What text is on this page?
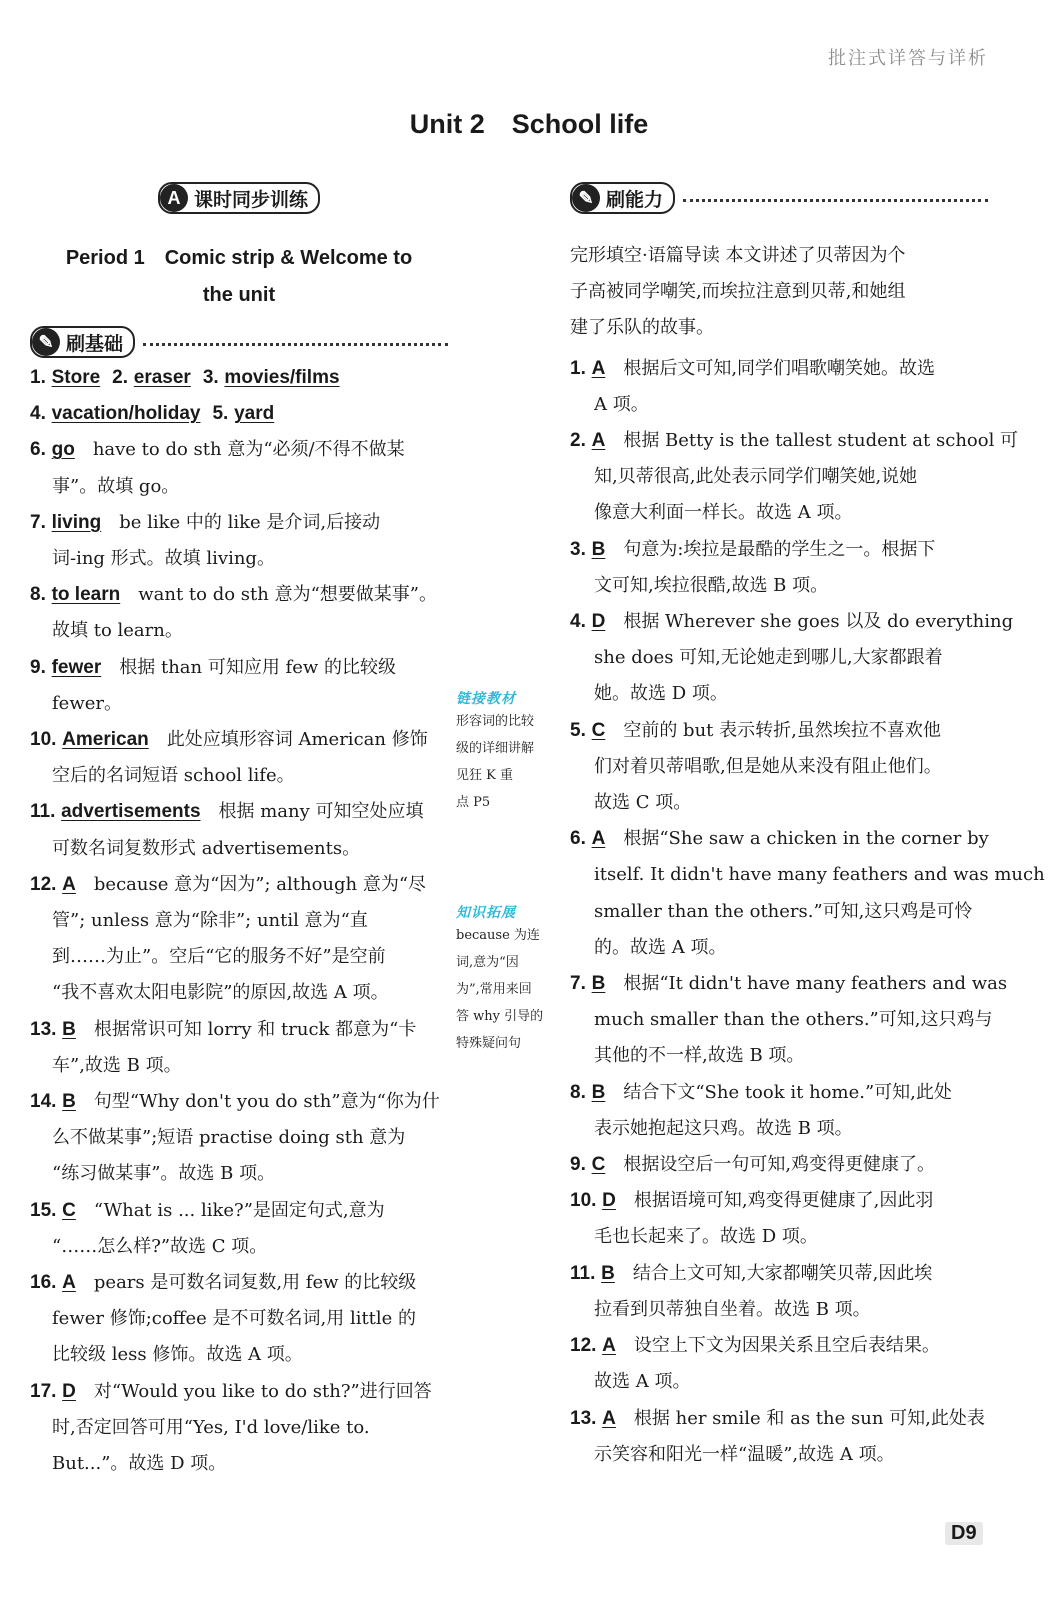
批注式详答与详析
Unit 2　School life
A 课时同步训练
Period 1　Comic strip & Welcome to
the unit
✎ 刷基础
1. Store 2. eraser 3. movies/films
4. vacation/holiday 5. yard
6. go　 have to do sth 意为“必须/不得不做某
事”。故填 go。
7. living　 be like 中的 like 是介词,后接动
词-ing 形式。故填 living。
8. to learn　 want to do sth 意为“想要做某事”。
故填 to learn。
9. fewer　 根据 than 可知应用 few 的比较级
fewer。
10. American　 此处应填形容词 American 修饰
空后的名词短语 school life。
11. advertisements　 根据 many 可知空处应填
可数名词复数形式 advertisements。
12. A　 because 意为“因为”; although 意为“尽
管”; unless 意为“除非”; until 意为“直
到……为止”。空后“它的服务不好”是空前
“我不喜欢太阳电影院”的原因,故选 A 项。
13. B　 根据常识可知 lorry 和 truck 都意为“卡
车”,故选 B 项。
14. B　 句型“Why don't you do sth”意为“你为什
么不做某事”;短语 practise doing sth 意为
“练习做某事”。故选 B 项。
15. C　 “What is ... like?”是固定句式,意为
“……怎么样?”故选 C 项。
16. A　 pears 是可数名词复数,用 few 的比较级
fewer 修饰;coffee 是不可数名词,用 little 的
比较级 less 修饰。故选 A 项。
17. D　 对“Would you like to do sth?”进行回答
时,否定回答可用“Yes, I'd love/like to.
But...”。故选 D 项。
链接教材
形容词的比较
级的详细讲解
见狂 K 重
点 P5
知识拓展
because 为连
词,意为“因
为”,常用来回
答 why 引导的
特殊疑问句
✎ 刷能力
完形填空·语篇导读 本文讲述了贝蒂因为个
子高被同学嘲笑,而埃拉注意到贝蒂,和她组
建了乐队的故事。
1. A　 根据后文可知,同学们唱歌嘲笑她。故选
A 项。
2. A　 根据 Betty is the tallest student at school 可
知,贝蒂很高,此处表示同学们嘲笑她,说她
像意大利面一样长。故选 A 项。
3. B　 句意为:埃拉是最酷的学生之一。根据下
文可知,埃拉很酷,故选 B 项。
4. D　 根据 Wherever she goes 以及 do everything
she does 可知,无论她走到哪儿,大家都跟着
她。故选 D 项。
5. C　 空前的 but 表示转折,虽然埃拉不喜欢他
们对着贝蒂唱歌,但是她从来没有阻止他们。
故选 C 项。
6. A　 根据“She saw a chicken in the corner by
itself. It didn't have many feathers and was much
smaller than the others.”可知,这只鸡是可怜
的。故选 A 项。
7. B　 根据“It didn't have many feathers and was
much smaller than the others.”可知,这只鸡与
其他的不一样,故选 B 项。
8. B　 结合下文“She took it home.”可知,此处
表示她抱起这只鸡。故选 B 项。
9. C　 根据设空后一句可知,鸡变得更健康了。
10. D　 根据语境可知,鸡变得更健康了,因此羽
毛也长起来了。故选 D 项。
11. B　 结合上文可知,大家都嘲笑贝蒂,因此埃
拉看到贝蒂独自坐着。故选 B 项。
12. A　 设空上下文为因果关系且空后表结果。
故选 A 项。
13. A　 根据 her smile 和 as the sun 可知,此处表
示笑容和阳光一样“温暖”,故选 A 项。
D9
